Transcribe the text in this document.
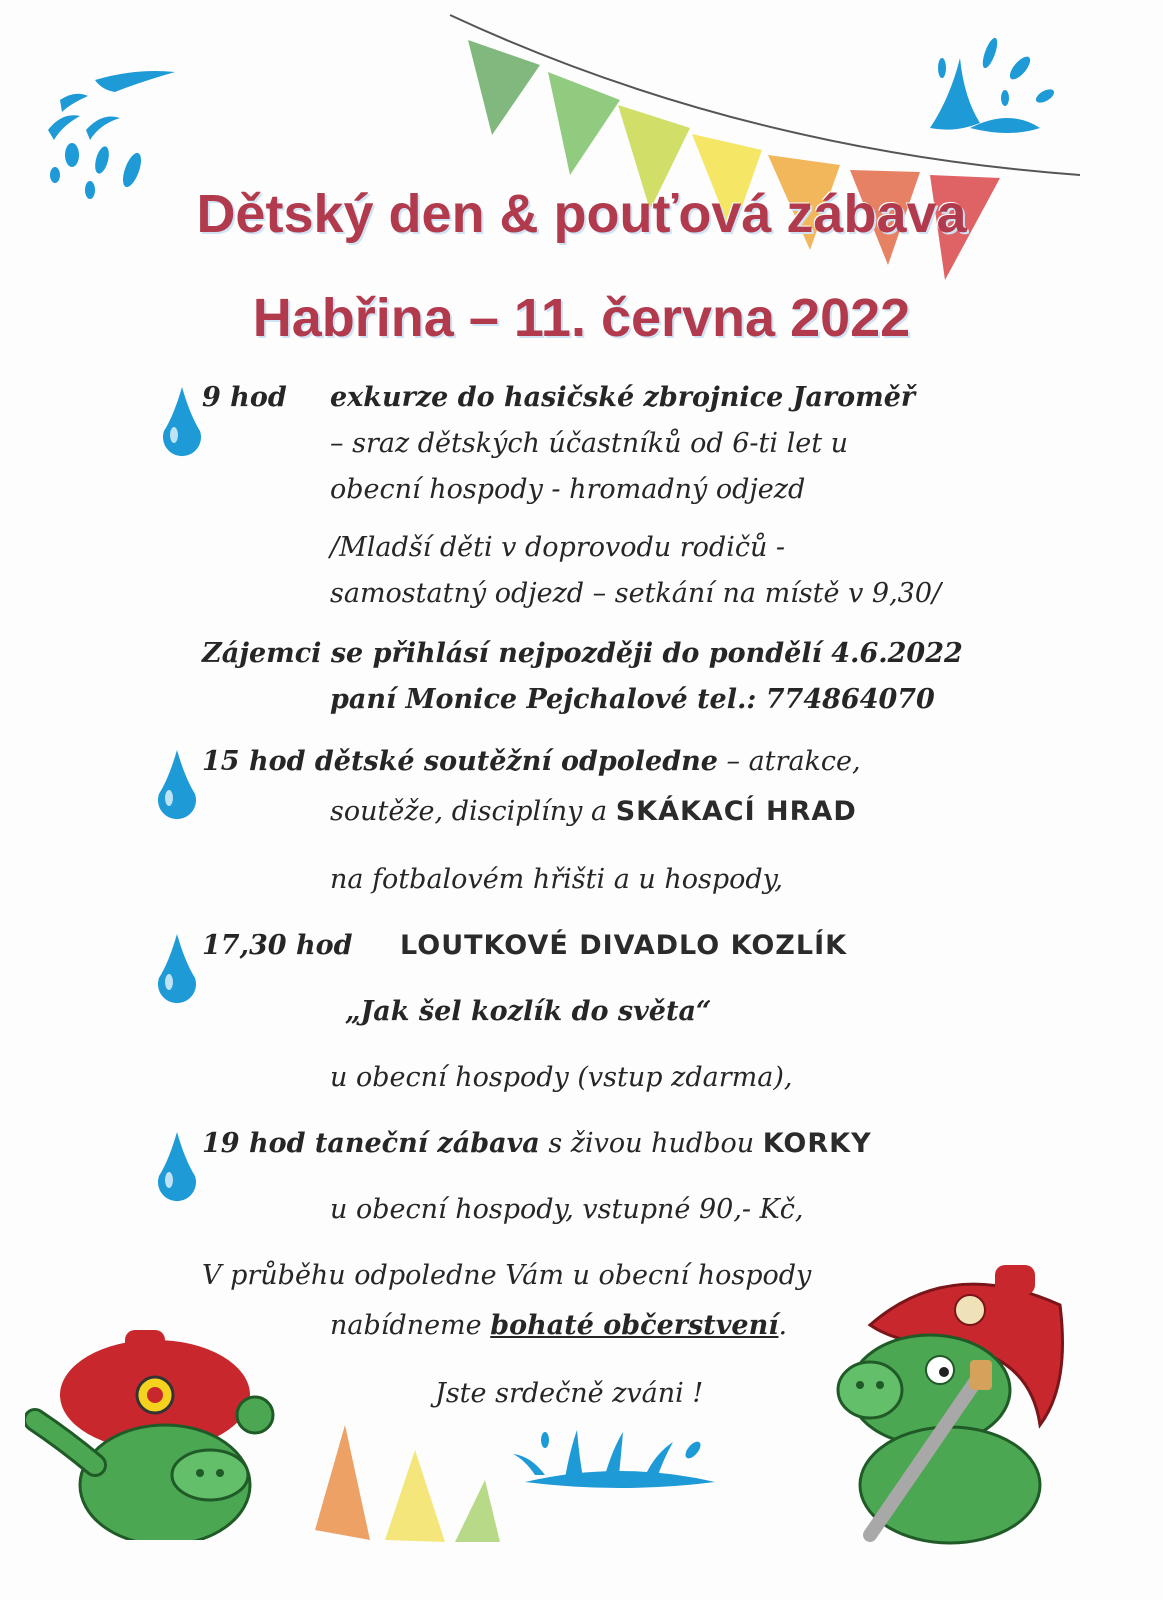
Dětský den & pouťová zábava
Habřina – 11. června 2022
9 hod exkurze do hasičské zbrojnice Jaroměř
– sraz dětských účastníků od 6-ti let u
obecní hospody - hromadný odjezd
/Mladší děti v doprovodu rodičů -
samostatný odjezd – setkání na místě v 9,30/
Zájemci se přihlásí nejpozději do pondělí 4.6.2022
paní Monice Pejchalové tel.: 774864070
15 hod dětské soutěžní odpoledne – atrakce,
soutěže, disciplíny a SKÁKACÍ HRAD
na fotbalovém hřišti a u hospody,
17,30 hod LOUTKOVÉ DIVADLO KOZLÍK
„Jak šel kozlík do světa“
u obecní hospody (vstup zdarma),
19 hod taneční zábava s živou hudbou KORKY
u obecní hospody, vstupné 90,- Kč,
V průběhu odpoledne Vám u obecní hospody
nabídneme bohaté občerstvení.
Jste srdečně zváni !
